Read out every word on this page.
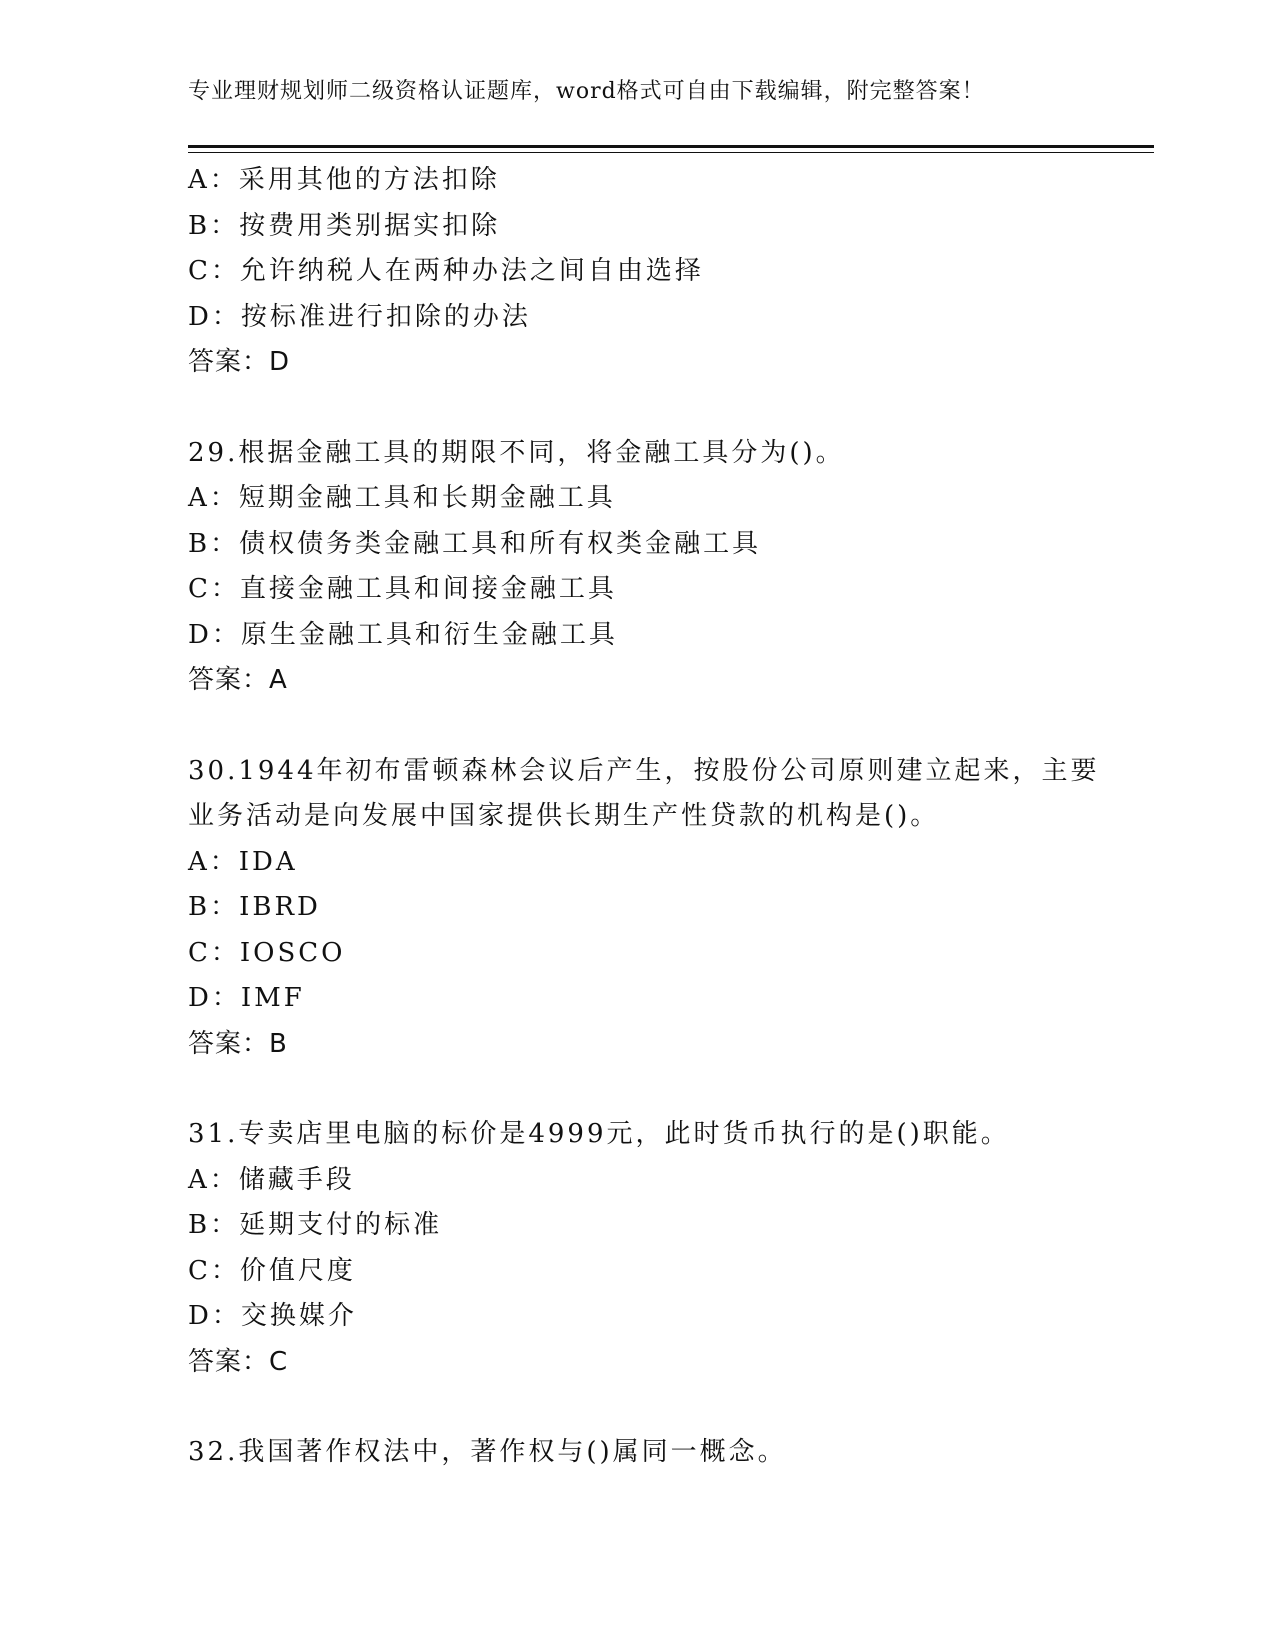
专业理财规划师二级资格认证题库，word格式可自由下载编辑，附完整答案！
A：采用其他的方法扣除
B：按费用类别据实扣除
C：允许纳税人在两种办法之间自由选择
D：按标准进行扣除的办法
答案：D
29.根据金融工具的期限不同，将金融工具分为()。
A：短期金融工具和长期金融工具
B：债权债务类金融工具和所有权类金融工具
C：直接金融工具和间接金融工具
D：原生金融工具和衍生金融工具
答案：A
30.1944年初布雷顿森林会议后产生，按股份公司原则建立起来，主要
业务活动是向发展中国家提供长期生产性贷款的机构是()。
A：IDA
B：IBRD
C：IOSCO
D：IMF
答案：B
31.专卖店里电脑的标价是4999元，此时货币执行的是()职能。
A：储藏手段
B：延期支付的标准
C：价值尺度
D：交换媒介
答案：C
32.我国著作权法中，著作权与()属同一概念。
